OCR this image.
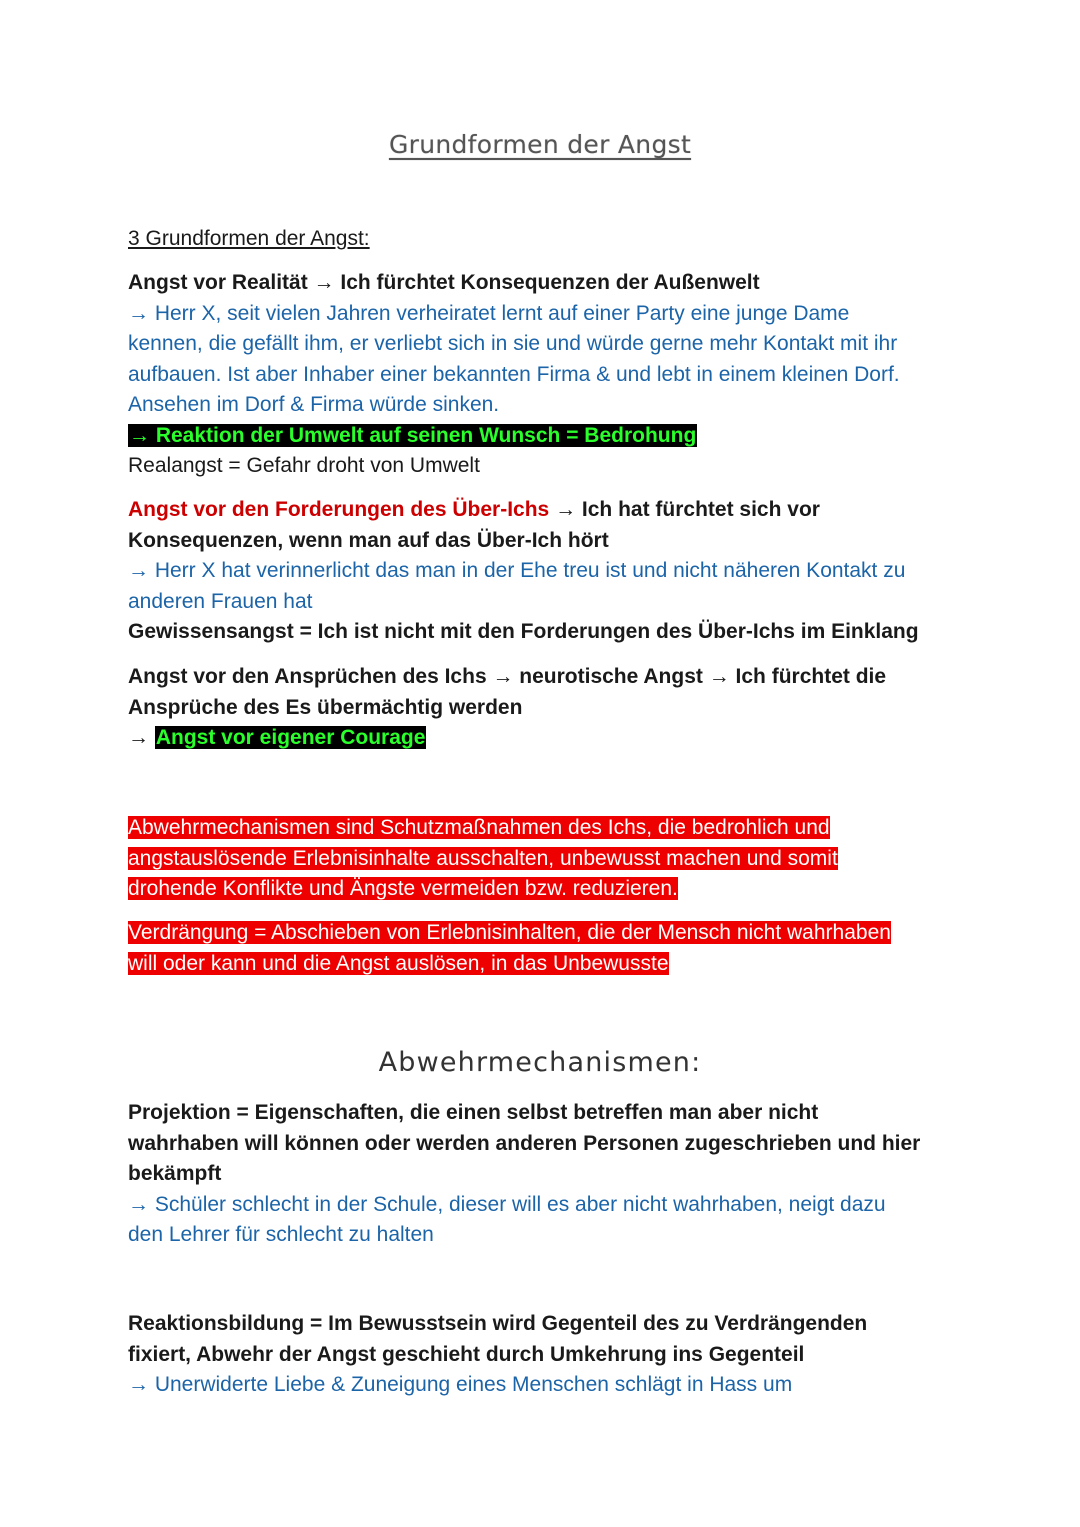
Grundformen der Angst
3 Grundformen der Angst:
Angst vor Realität → Ich fürchtet Konsequenzen der Außenwelt
→ Herr X, seit vielen Jahren verheiratet lernt auf einer Party eine junge Dame
kennen, die gefällt ihm, er verliebt sich in sie und würde gerne mehr Kontakt mit ihr
aufbauen. Ist aber Inhaber einer bekannten Firma & und lebt in einem kleinen Dorf.
Ansehen im Dorf & Firma würde sinken.
→ Reaktion der Umwelt auf seinen Wunsch = Bedrohung
Realangst = Gefahr droht von Umwelt
Angst vor den Forderungen des Über-Ichs → Ich hat fürchtet sich vor
Konsequenzen, wenn man auf das Über-Ich hört
→ Herr X hat verinnerlicht das man in der Ehe treu ist und nicht näheren Kontakt zu
anderen Frauen hat
Gewissensangst = Ich ist nicht mit den Forderungen des Über-Ichs im Einklang
Angst vor den Ansprüchen des Ichs → neurotische Angst → Ich fürchtet die
Ansprüche des Es übermächtig werden
→ Angst vor eigener Courage
Abwehrmechanismen sind Schutzmaßnahmen des Ichs, die bedrohlich und
angstauslösende Erlebnisinhalte ausschalten, unbewusst machen und somit
drohende Konflikte und Ängste vermeiden bzw. reduzieren.
Verdrängung = Abschieben von Erlebnisinhalten, die der Mensch nicht wahrhaben
will oder kann und die Angst auslösen, in das Unbewusste
Abwehrmechanismen:
Projektion = Eigenschaften, die einen selbst betreffen man aber nicht
wahrhaben will können oder werden anderen Personen zugeschrieben und hier
bekämpft
→ Schüler schlecht in der Schule, dieser will es aber nicht wahrhaben, neigt dazu
den Lehrer für schlecht zu halten
Reaktionsbildung = Im Bewusstsein wird Gegenteil des zu Verdrängenden
fixiert, Abwehr der Angst geschieht durch Umkehrung ins Gegenteil
→ Unerwiderte Liebe & Zuneigung eines Menschen schlägt in Hass um
